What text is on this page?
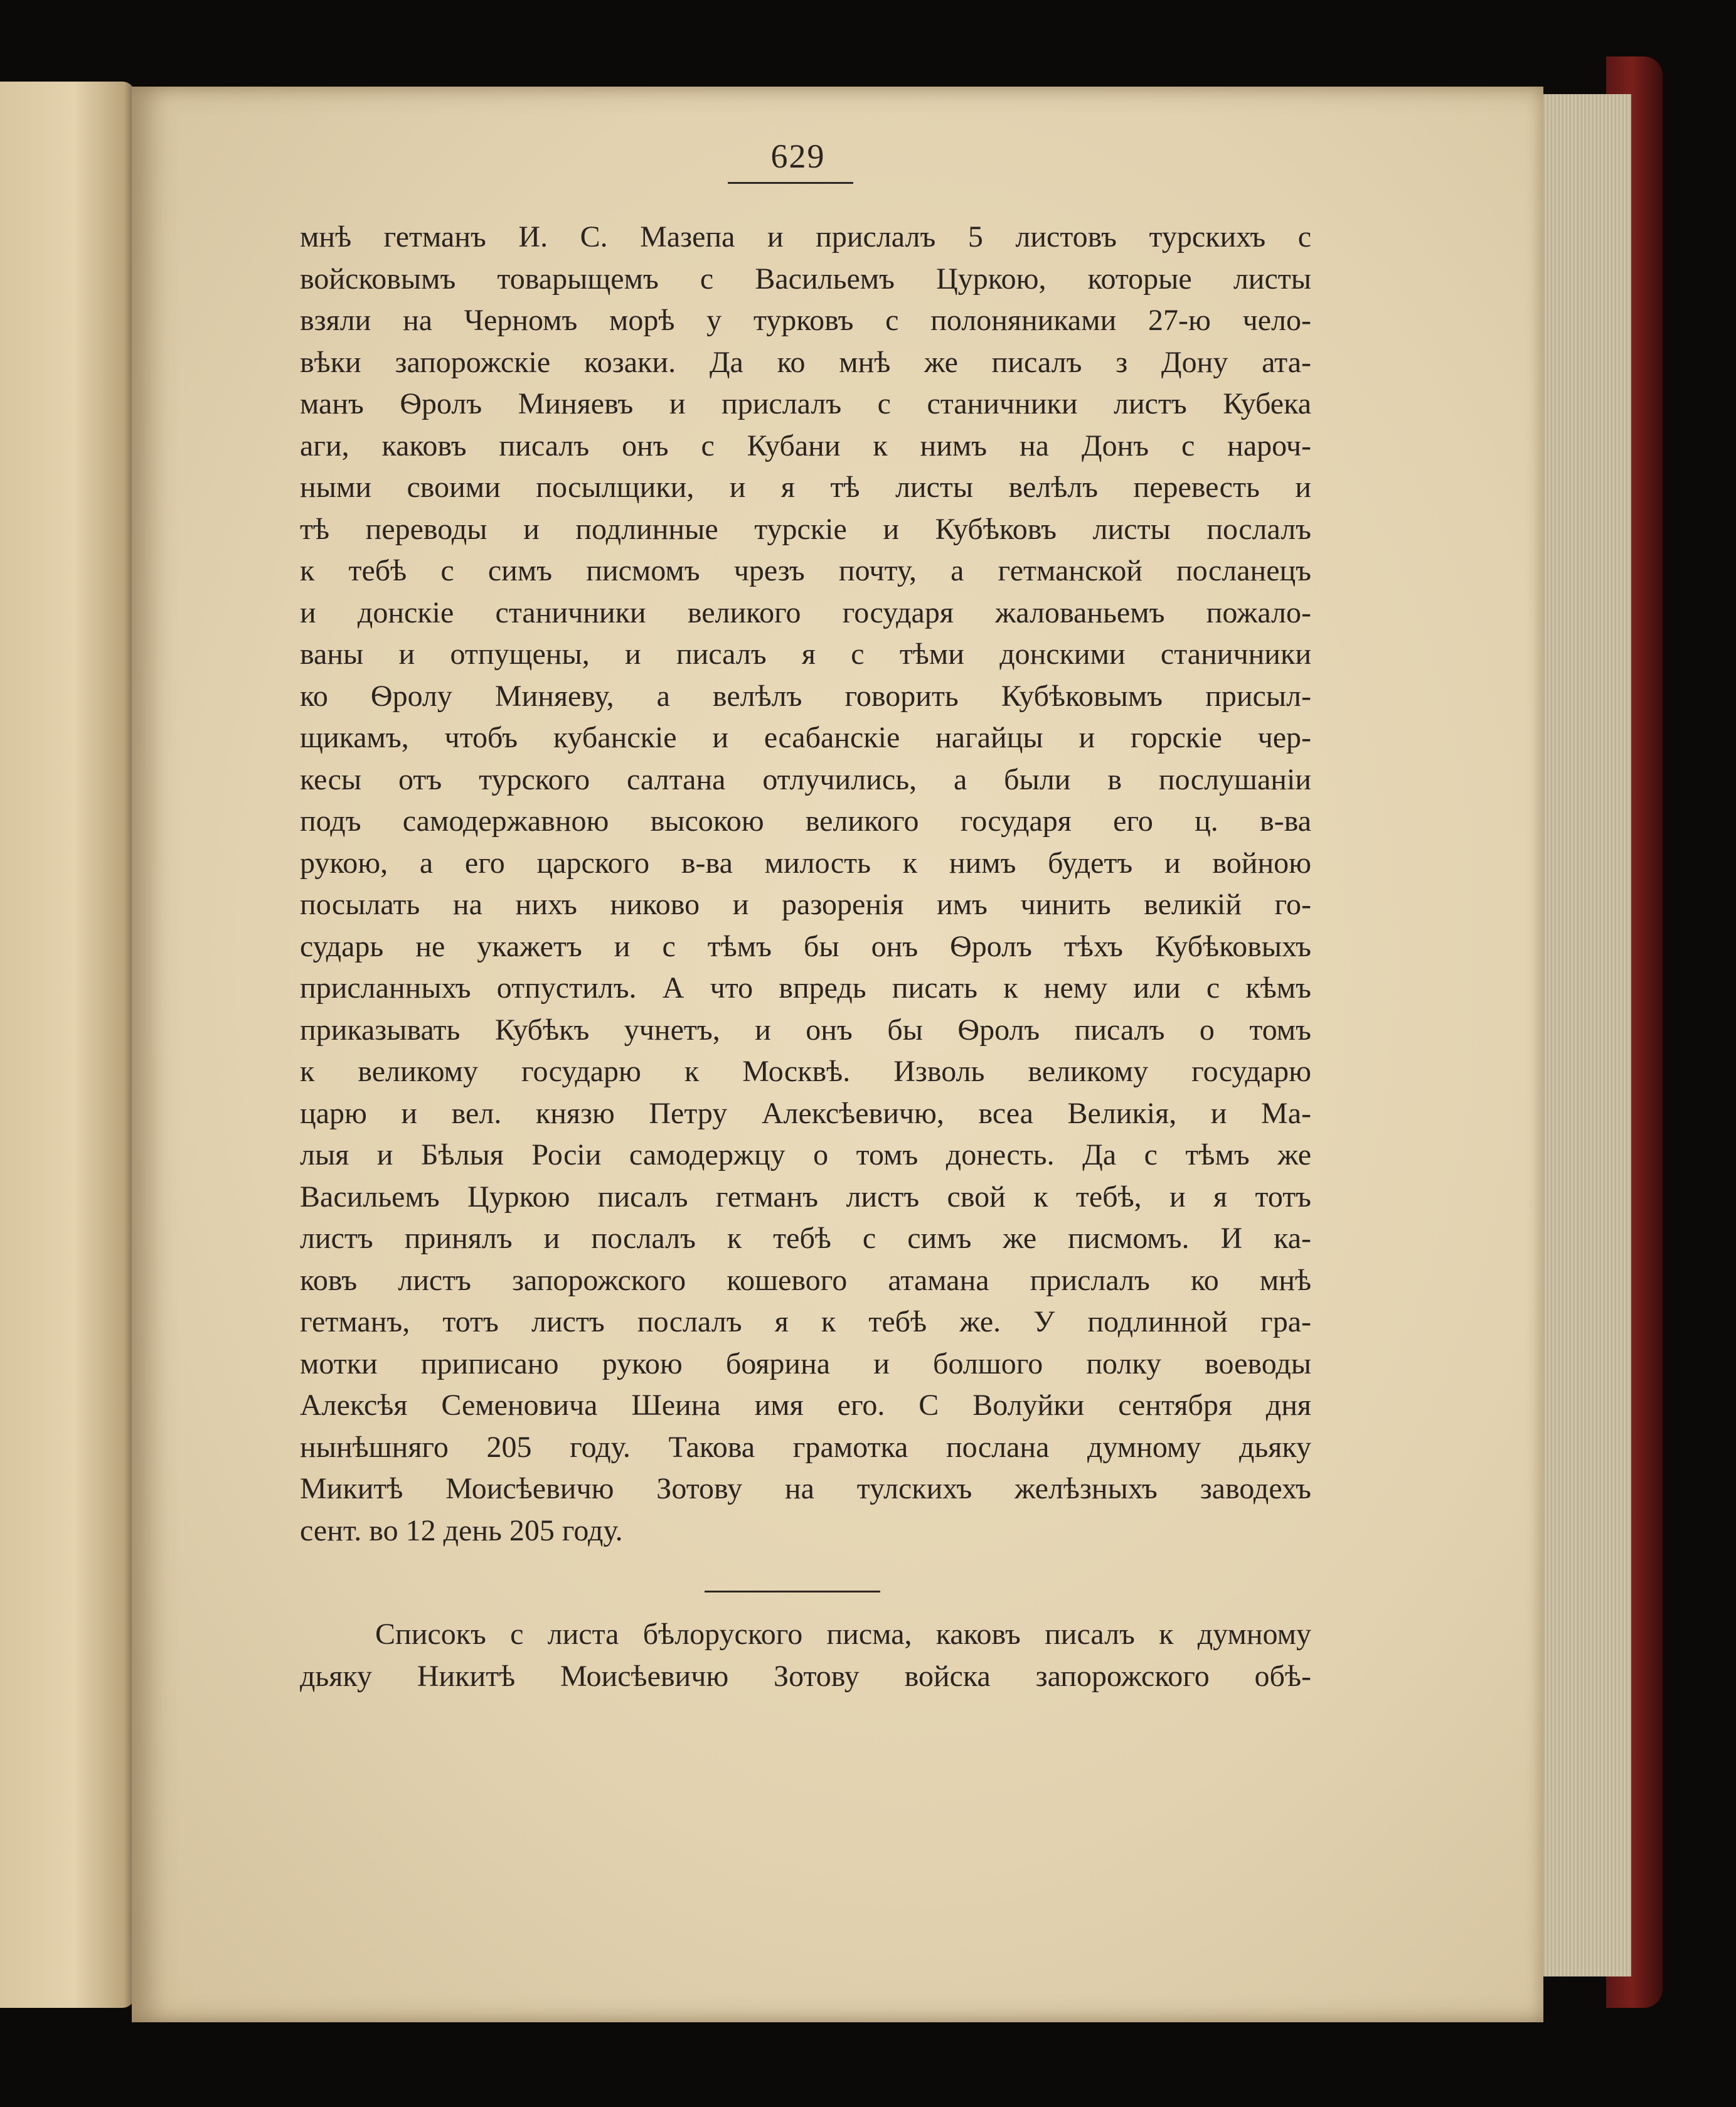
629
мнѣ гетманъ И. С. Мазепа и прислалъ 5 листовъ турскихъ с
войсковымъ товарыщемъ с Васильемъ Цуркою, которые листы
взяли на Черномъ морѣ у турковъ с полоняниками 27-ю чело-
вѣки запорожскіе козаки. Да ко мнѣ же писалъ з Дону ата-
манъ Ѳролъ Миняевъ и прислалъ с станичники листъ Кубека
аги, каковъ писалъ онъ с Кубани к нимъ на Донъ с нароч-
ными своими посылщики, и я тѣ листы велѣлъ перевесть и
тѣ переводы и подлинные турскіе и Кубѣковъ листы послалъ
к тебѣ с симъ писмомъ чрезъ почту, а гетманской посланецъ
и донскіе станичники великого государя жалованьемъ пожало-
ваны и отпущены, и писалъ я с тѣми донскими станичники
ко Ѳролу Миняеву, а велѣлъ говорить Кубѣковымъ присыл-
щикамъ, чтобъ кубанскіе и есабанскіе нагайцы и горскіе чер-
кесы отъ турского салтана отлучились, а были в послушаніи
подъ самодержавною высокою великого государя его ц. в-ва
рукою, а его царского в-ва милость к нимъ будетъ и войною
посылать на нихъ никово и разоренія имъ чинить великій го-
сударь не укажетъ и с тѣмъ бы онъ Ѳролъ тѣхъ Кубѣковыхъ
присланныхъ отпустилъ. А что впредь писать к нему или с кѣмъ
приказывать Кубѣкъ учнетъ, и онъ бы Ѳролъ писалъ о томъ
к великому государю к Москвѣ. Изволь великому государю
царю и вел. князю Петру Алексѣевичю, всеа Великія, и Ма-
лыя и Бѣлыя Росіи самодержцу о томъ донесть. Да с тѣмъ же
Васильемъ Цуркою писалъ гетманъ листъ свой к тебѣ, и я тотъ
листъ принялъ и послалъ к тебѣ с симъ же писмомъ. И ка-
ковъ листъ запорожского кошевого атамана прислалъ ко мнѣ
гетманъ, тотъ листъ послалъ я к тебѣ же. У подлинной гра-
мотки приписано рукою боярина и болшого полку воеводы
Алексѣя Семеновича Шеина имя его. С Волуйки сентября дня
нынѣшняго 205 году. Такова грамотка послана думному дьяку
Микитѣ Моисѣевичю Зотову на тулскихъ желѣзныхъ заводехъ
сент. во 12 день 205 году.
Списокъ с листа бѣлоруского писма, каковъ писалъ к думному
дьяку Никитѣ Моисѣевичю Зотову войска запорожского обѣ-
